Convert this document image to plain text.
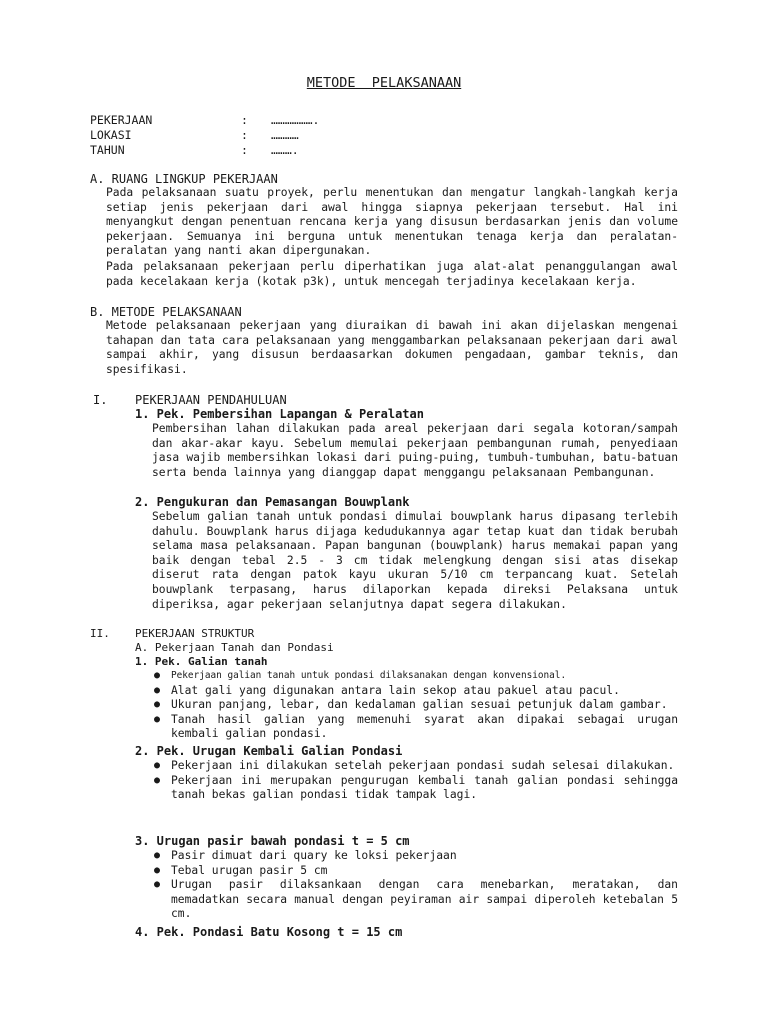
METODE  PELAKSANAAN
PEKERJAAN	: ……………….
LOKASI	: …………
TAHUN	: ……….
A. RUANG LINGKUP PEKERJAAN
Pada pelaksanaan suatu proyek, perlu menentukan dan mengatur langkah-langkah kerja setiap jenis pekerjaan dari awal hingga siapnya pekerjaan tersebut. Hal ini menyangkut dengan penentuan rencana kerja yang disusun berdasarkan jenis dan volume pekerjaan. Semuanya ini berguna untuk menentukan tenaga kerja dan peralatan-peralatan yang nanti akan dipergunakan.
Pada pelaksanaan pekerjaan perlu diperhatikan juga alat-alat penanggulangan awal pada kecelakaan kerja (kotak p3k), untuk mencegah terjadinya kecelakaan kerja.
B. METODE PELAKSANAAN
Metode pelaksanaan pekerjaan yang diuraikan di bawah ini akan dijelaskan mengenai tahapan dan tata cara pelaksanaan yang menggambarkan pelaksanaan pekerjaan dari awal sampai akhir, yang disusun berdaasarkan dokumen pengadaan, gambar teknis, dan spesifikasi.
I. PEKERJAAN PENDAHULUAN
1. Pek. Pembersihan Lapangan & Peralatan
Pembersihan lahan dilakukan pada areal pekerjaan dari segala kotoran/sampah dan akar-akar kayu. Sebelum memulai pekerjaan pembangunan rumah, penyediaan jasa wajib membersihkan lokasi dari puing-puing, tumbuh-tumbuhan, batu-batuan serta benda lainnya yang dianggap dapat menggangu pelaksanaan Pembangunan.
2. Pengukuran dan Pemasangan Bouwplank
Sebelum galian tanah untuk pondasi dimulai bouwplank harus dipasang terlebih dahulu. Bouwplank harus dijaga kedudukannya agar tetap kuat dan tidak berubah selama masa pelaksanaan. Papan bangunan (bouwplank) harus memakai papan yang baik dengan tebal 2.5 - 3 cm tidak melengkung dengan sisi atas disekap diserut rata dengan patok kayu ukuran 5/10 cm terpancang kuat. Setelah bouwplank terpasang, harus dilaporkan kepada direksi Pelaksana untuk diperiksa, agar pekerjaan selanjutnya dapat segera dilakukan.
II. PEKERJAAN STRUKTUR
A. Pekerjaan Tanah dan Pondasi
1. Pek. Galian tanah
● Pekerjaan galian tanah untuk pondasi dilaksanakan dengan konvensional.
● Alat gali yang digunakan antara lain sekop atau pakuel atau pacul.
● Ukuran panjang, lebar, dan kedalaman galian sesuai petunjuk dalam gambar.
● Tanah hasil galian yang memenuhi syarat akan dipakai sebagai urugan kembali galian pondasi.
2. Pek. Urugan Kembali Galian Pondasi
● Pekerjaan ini dilakukan setelah pekerjaan pondasi sudah selesai dilakukan.
● Pekerjaan ini merupakan pengurugan kembali tanah galian pondasi sehingga tanah bekas galian pondasi tidak tampak lagi.
3. Urugan pasir bawah pondasi t = 5 cm
● Pasir dimuat dari quary ke loksi pekerjaan
● Tebal urugan pasir 5 cm
● Urugan pasir dilaksankaan dengan cara menebarkan, meratakan, dan memadatkan secara manual dengan peyiraman air sampai diperoleh ketebalan 5 cm.
4. Pek. Pondasi Batu Kosong t = 15 cm
